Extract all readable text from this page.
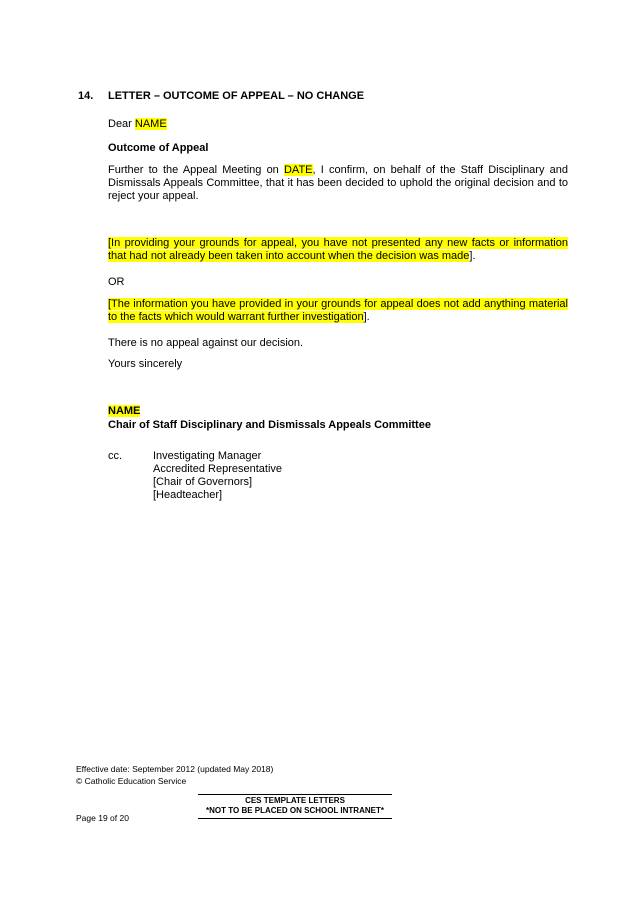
14.	LETTER – OUTCOME OF APPEAL – NO CHANGE

Dear NAME

Outcome of Appeal

Further to the Appeal Meeting on DATE, I confirm, on behalf of the Staff Disciplinary and Dismissals Appeals Committee, that it has been decided to uphold the original decision and to reject your appeal.

[In providing your grounds for appeal, you have not presented any new facts or information that had not already been taken into account when the decision was made].

OR

[The information you have provided in your grounds for appeal does not add anything material to the facts which would warrant further investigation].

There is no appeal against our decision.

Yours sincerely

NAME

Chair of Staff Disciplinary and Dismissals Appeals Committee

cc.	Investigating Manager
Accredited Representative
[Chair of Governors]
[Headteacher]
Effective date: September 2012 (updated May 2018)
© Catholic Education Service
CES TEMPLATE LETTERS
*NOT TO BE PLACED ON SCHOOL INTRANET*
Page 19 of 20
